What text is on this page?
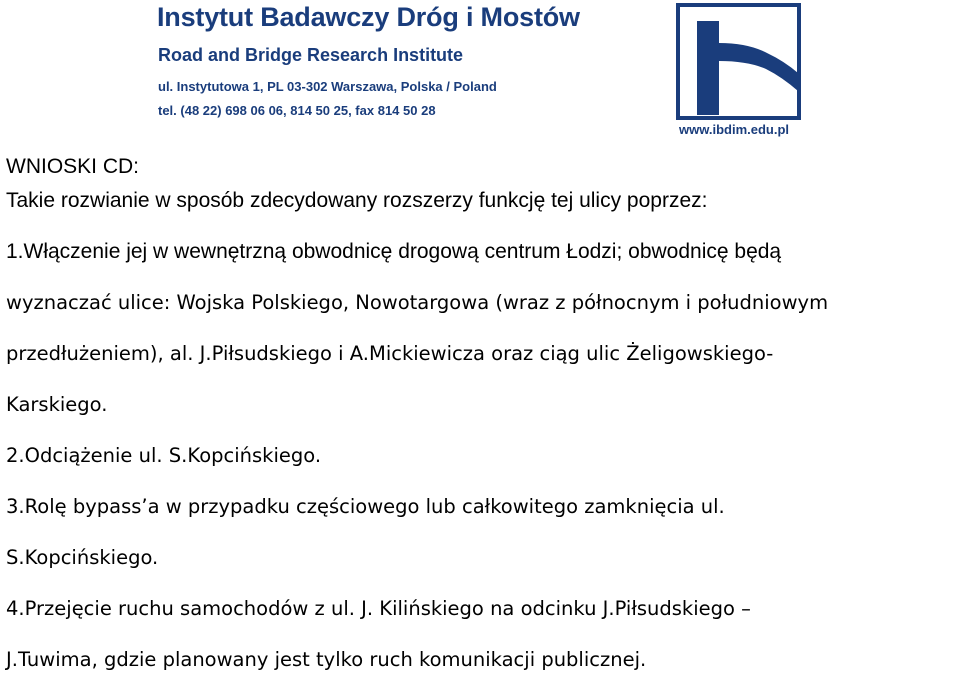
Instytut Badawczy Dróg i Mostów
Road and Bridge Research Institute
ul. Instytutowa 1, PL 03-302 Warszawa, Polska / Poland
tel. (48 22) 698 06 06, 814 50 25, fax 814 50 28
www.ibdim.edu.pl
WNIOSKI CD:
Takie rozwianie w sposób zdecydowany rozszerzy funkcję tej ulicy poprzez:
1.Włączenie jej w wewnętrzną obwodnicę drogową centrum Łodzi; obwodnicę będą
wyznaczać ulice: Wojska Polskiego, Nowotargowa (wraz z północnym i południowym
przedłużeniem), al. J.Piłsudskiego i A.Mickiewicza oraz ciąg ulic Żeligowskiego-
Karskiego.
2.Odciążenie ul. S.Kopcińskiego.
3.Rolę bypass’a w przypadku częściowego lub całkowitego zamknięcia ul.
S.Kopcińskiego.
4.Przejęcie ruchu samochodów z ul. J. Kilińskiego na odcinku J.Piłsudskiego –
J.Tuwima, gdzie planowany jest tylko ruch komunikacji publicznej.
